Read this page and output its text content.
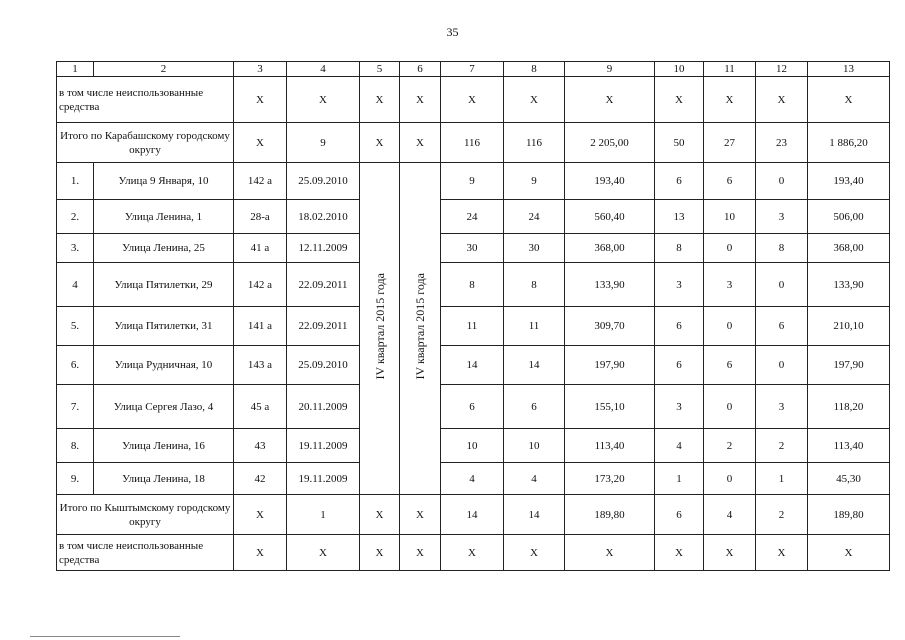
35
1	2	3	4	5	6	7	8	9	10	11	12	13
в том числе неиспользованные средства		X	X	X	X	X	X	X	X	X	X	X
Итого по Карабашскому городскому округу		X	9	X	X	116	116	2 205,00	50	27	23	1 886,20
1.	Улица 9 Января, 10	142 а	25.09.2010	IV квартал 2015 года	IV квартал 2015 года	9	9	193,40	6	6	0	193,40
2.	Улица Ленина, 1	28-а	18.02.2010			24	24	560,40	13	10	3	506,00
3.	Улица Ленина, 25	41 а	12.11.2009			30	30	368,00	8	0	8	368,00
4	Улица Пятилетки, 29	142 а	22.09.2011			8	8	133,90	3	3	0	133,90
5.	Улица Пятилетки, 31	141 а	22.09.2011			11	11	309,70	6	0	6	210,10
6.	Улица Рудничная, 10	143 а	25.09.2010			14	14	197,90	6	6	0	197,90
7.	Улица Сергея Лазо, 4	45 а	20.11.2009			6	6	155,10	3	0	3	118,20
8.	Улица Ленина, 16	43	19.11.2009			10	10	113,40	4	2	2	113,40
9.	Улица Ленина, 18	42	19.11.2009			4	4	173,20	1	0	1	45,30
Итого по Кыштымскому городскому округу		X	1	X	X	14	14	189,80	6	4	2	189,80
в том числе неиспользованные средства		X	X	X	X	X	X	X	X	X	X	X
